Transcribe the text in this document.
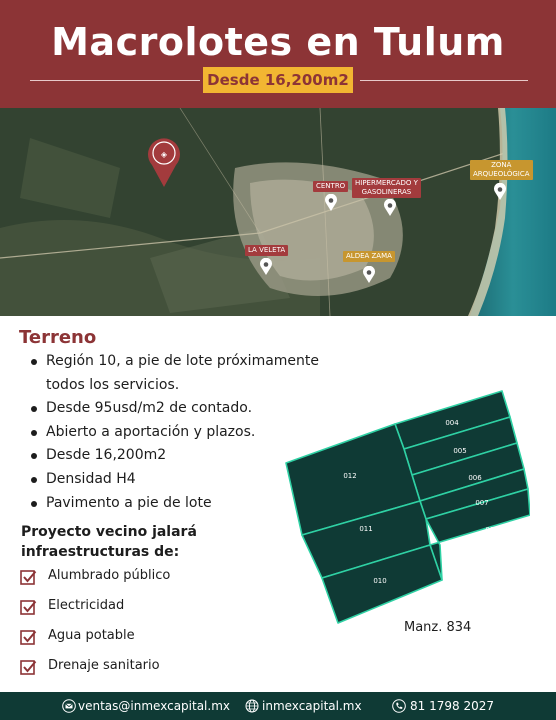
Macrolotes en Tulum
Desde 16,200m2
◈
CENTRO	HIPERMERCADO Y
GASOLINERAS
ZONA
ARQUEOLÓGICA
LA VELETA
ALDEA ZAMA
Terreno
Región 10, a pie de lote próximamente todos los servicios.
Desde 95usd/m2 de contado.
Abierto a aportación y plazos.
Desde 16,200m2
Densidad H4
Pavimento a pie de lote
Proyecto vecino jalará infraestructuras de:
Alumbrado público
Electricidad
Agua potable
Drenaje sanitario
004
005
006
007
008
012
011
010
Manz. 834
ventas@inmexcapital.mx	inmexcapital.mx	81 1798 2027
